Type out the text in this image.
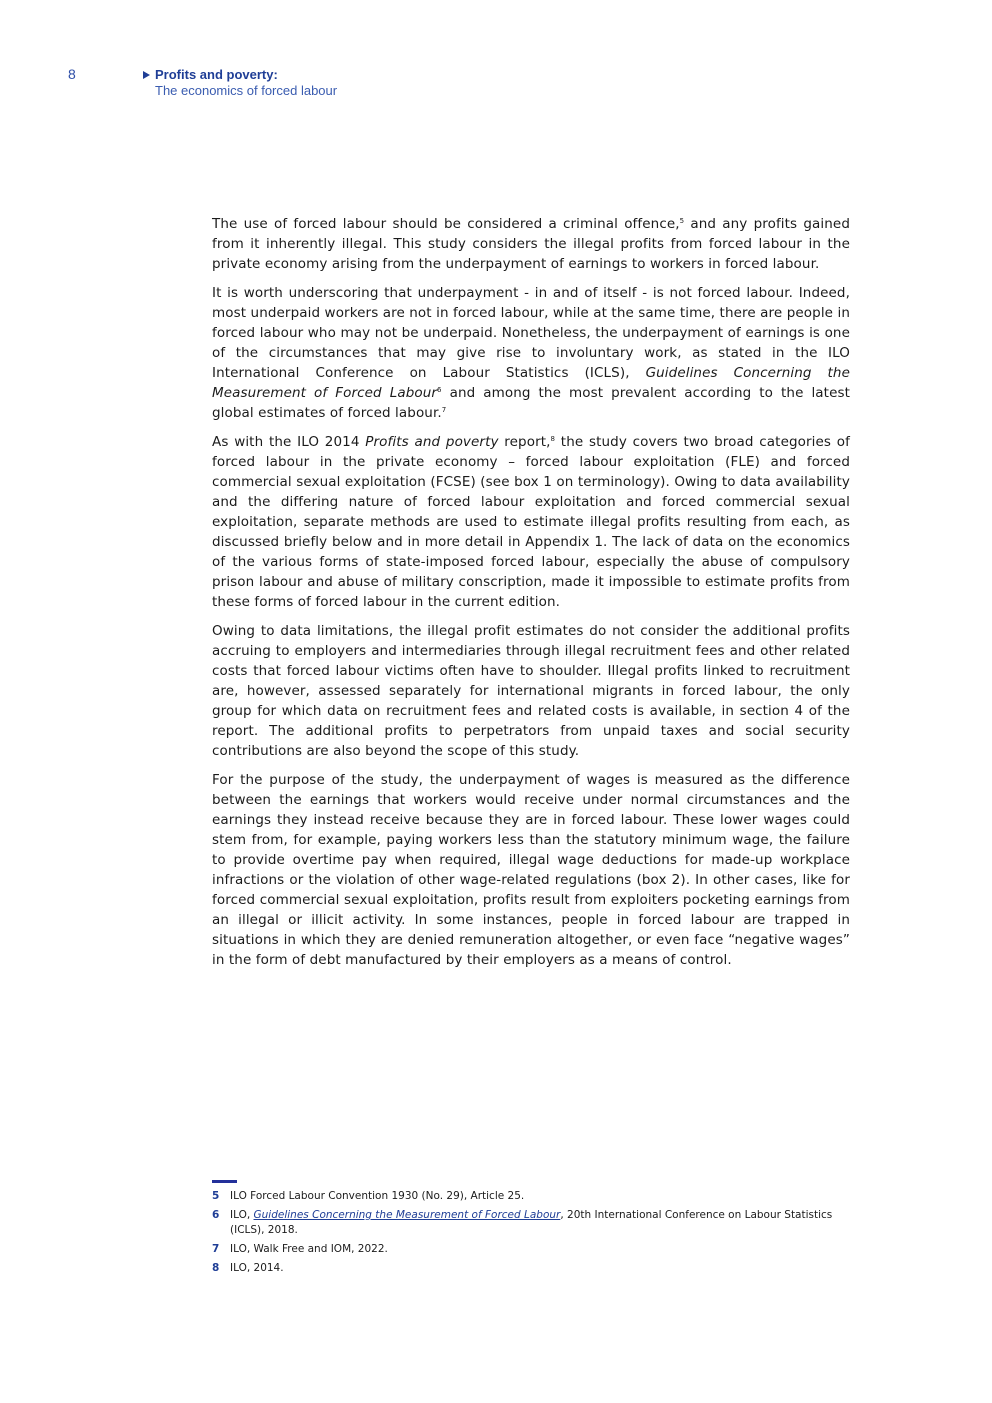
8	Profits and poverty:
The economics of forced labour

The use of forced labour should be considered a criminal offence,$^5$ and any profits gained from it inherently illegal. This study considers the illegal profits from forced labour in the private economy arising from the underpayment of earnings to workers in forced labour.

It is worth underscoring that underpayment - in and of itself - is not forced labour. Indeed, most underpaid workers are not in forced labour, while at the same time, there are people in forced labour who may not be underpaid. Nonetheless, the underpayment of earnings is one of the circumstances that may give rise to involuntary work, as stated in the ILO International Conference on Labour Statistics (ICLS), Guidelines Concerning the Measurement of Forced Labour$^6$ and among the most prevalent according to the latest global estimates of forced labour.$^7$

As with the ILO 2014 Profits and poverty report,$^8$ the study covers two broad categories of forced labour in the private economy – forced labour exploitation (FLE) and forced commercial sexual exploitation (FCSE) (see box 1 on terminology). Owing to data availability and the differing nature of forced labour exploitation and forced commercial sexual exploitation, separate methods are used to estimate illegal profits resulting from each, as discussed briefly below and in more detail in Appendix 1. The lack of data on the economics of the various forms of state-imposed forced labour, especially the abuse of compulsory prison labour and abuse of military conscription, made it impossible to estimate profits from these forms of forced labour in the current edition.

Owing to data limitations, the illegal profit estimates do not consider the additional profits accruing to employers and intermediaries through illegal recruitment fees and other related costs that forced labour victims often have to shoulder. Illegal profits linked to recruitment are, however, assessed separately for international migrants in forced labour, the only group for which data on recruitment fees and related costs is available, in section 4 of the report. The additional profits to perpetrators from unpaid taxes and social security contributions are also beyond the scope of this study.

For the purpose of the study, the underpayment of wages is measured as the difference between the earnings that workers would receive under normal circumstances and the earnings they instead receive because they are in forced labour. These lower wages could stem from, for example, paying workers less than the statutory minimum wage, the failure to provide overtime pay when required, illegal wage deductions for made-up workplace infractions or the violation of other wage-related regulations (box 2). In other cases, like for forced commercial sexual exploitation, profits result from exploiters pocketing earnings from an illegal or illicit activity. In some instances, people in forced labour are trapped in situations in which they are denied remuneration altogether, or even face “negative wages” in the form of debt manufactured by their employers as a means of control.

5 ILO Forced Labour Convention 1930 (No. 29), Article 25.
6 ILO, Guidelines Concerning the Measurement of Forced Labour, 20th International Conference on Labour Statistics (ICLS), 2018.
7 ILO, Walk Free and IOM, 2022.
8 ILO, 2014.
